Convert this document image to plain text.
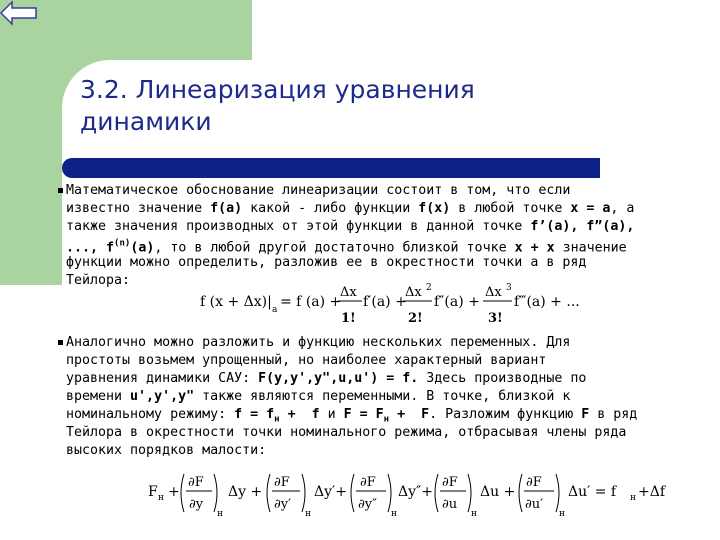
3.2. Линеаризация уравнения
динамики
Математическое обоснование линеаризации состоит в том, что если
известно значение f(a) какой - либо функции f(x) в любой точке x = a, а
также значения производных от этой функции в данной точке f’(a), f”(a),
..., $f^{(n)}(a)$, то в любой другой достаточно близкой точке x + x значение
функции можно определить, разложив ее в окрестности точки а в ряд
Тейлора:
f (x + Δx)| a = f (a) +
Δx
1!
f′(a) +
Δx 2
2!
f″(a) +
Δx 3
3!
f‴(a) + ...
Аналогично можно разложить и функцию нескольких переменных. Для
простоты возьмем упрощенный, но наиболее характерный вариант
уравнения динамики САУ: F(y,y',y",u,u') = f. Здесь производные по
времени u',y',y" также являются переменными. В точке, близкой к
номинальному режиму: $f = f_н + f$ и $F = F_н + F$. Разложим функцию F в ряд
Тейлора в окрестности точки номинального режима, отбрасывая члены ряда
высоких порядков малости:
F н +
∂F
∂y
н
Δy +
∂F
∂y′
н
Δy′+
∂F
∂y″
н
Δy″+
∂F
∂u
н
Δu +
∂F
∂u′
н
Δu′ = f н +Δf
